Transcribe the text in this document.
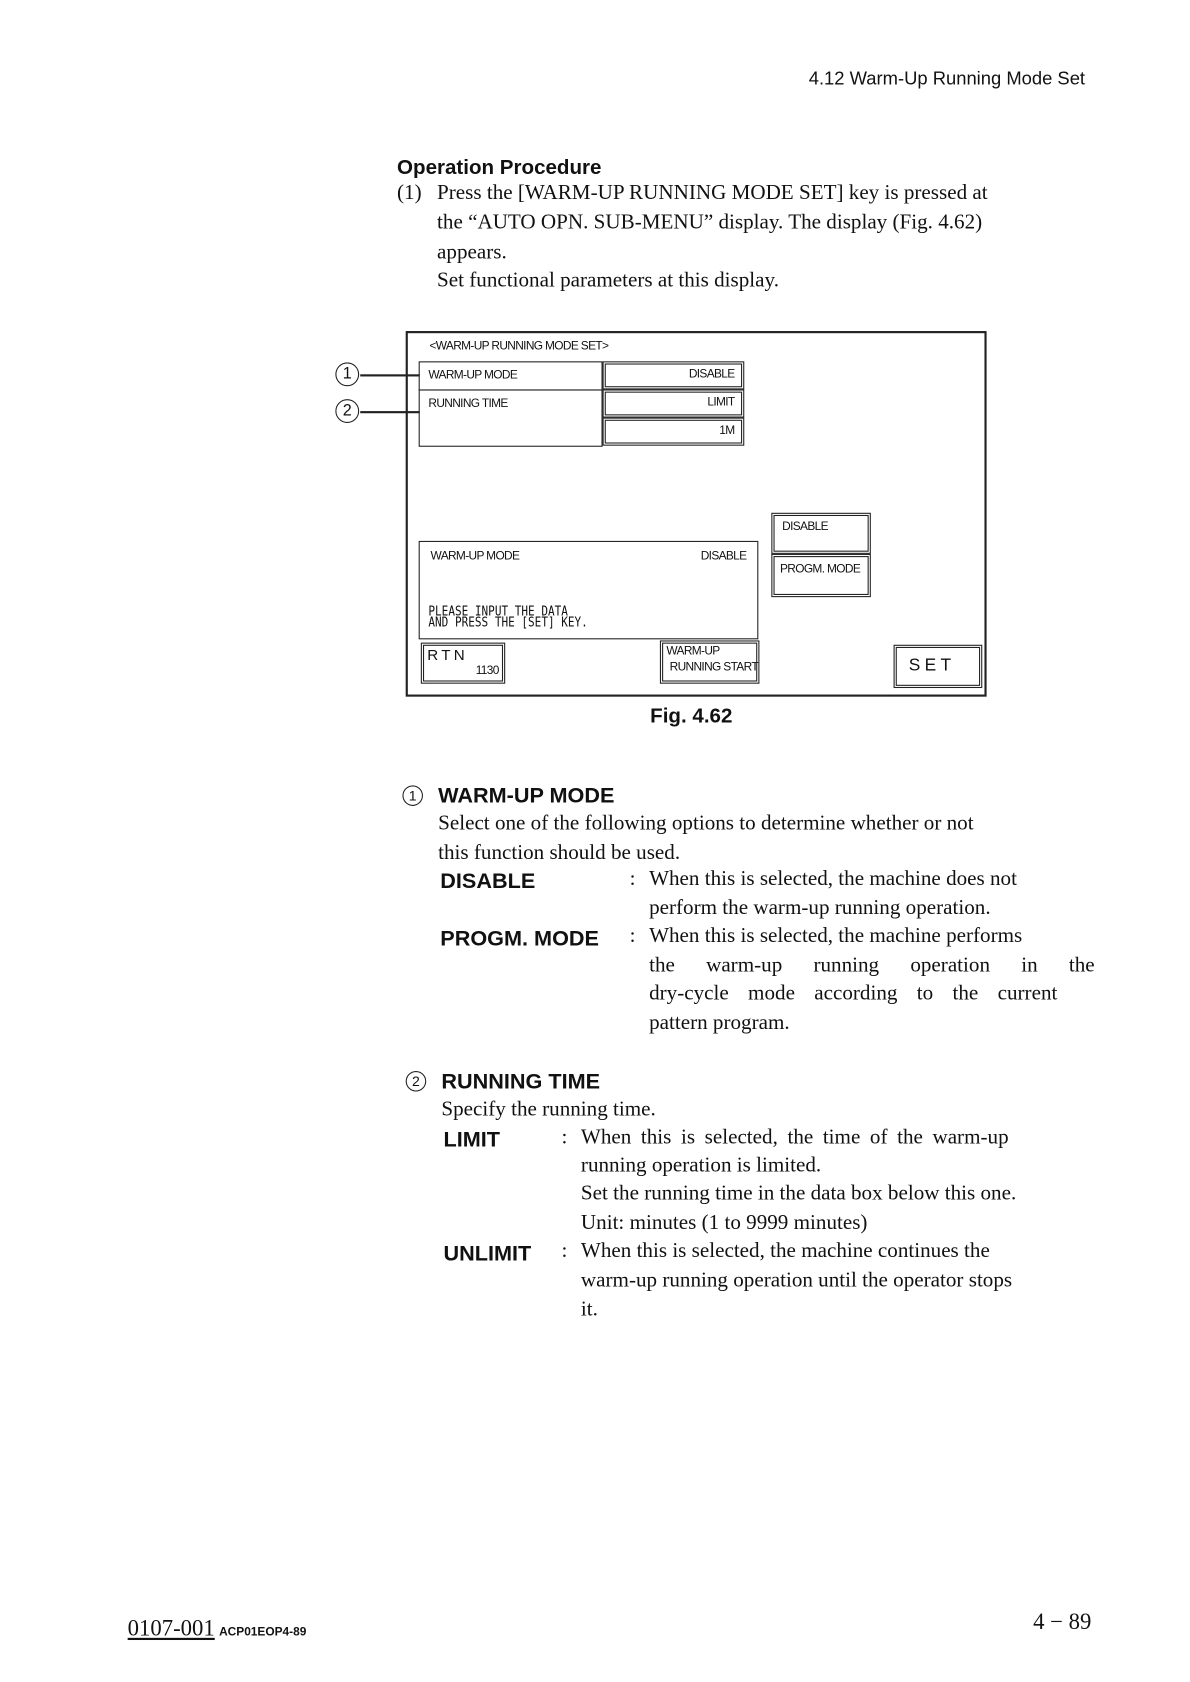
4.12 Warm-Up Running Mode Set
Operation Procedure
(1) Press the [WARM-UP RUNNING MODE SET] key is pressed at
the “AUTO OPN. SUB-MENU” display. The display (Fig. 4.62)
appears.
Set functional parameters at this display.
1
2
<WARM-UP RUNNING MODE SET>
WARM-UP MODE
RUNNING TIME
DISABLE
LIMIT
1M
WARM-UP MODE	DISABLE
PLEASE INPUT THE DATA
AND PRESS THE [SET] KEY.
DISABLE
PROGM. MODE
RTN
1130
WARM-UP
RUNNING START	SET
Fig. 4.62
1	WARM-UP MODE
Select one of the following options to determine whether or not
this function should be used.
DISABLE	: When this is selected, the machine does not
perform the warm-up running operation.
PROGM. MODE : When this is selected, the machine performs
the warm-up running operation in the
dry-cycle mode according to the current
pattern program.
2	RUNNING TIME
Specify the running time.
LIMIT	: When this is selected, the time of the warm-up
running operation is limited.
Set the running time in the data box below this one.
Unit: minutes (1 to 9999 minutes)
UNLIMIT : When this is selected, the machine continues the
warm-up running operation until the operator stops
it.
0107-001 ACP01EOP4-89	4 − 89
